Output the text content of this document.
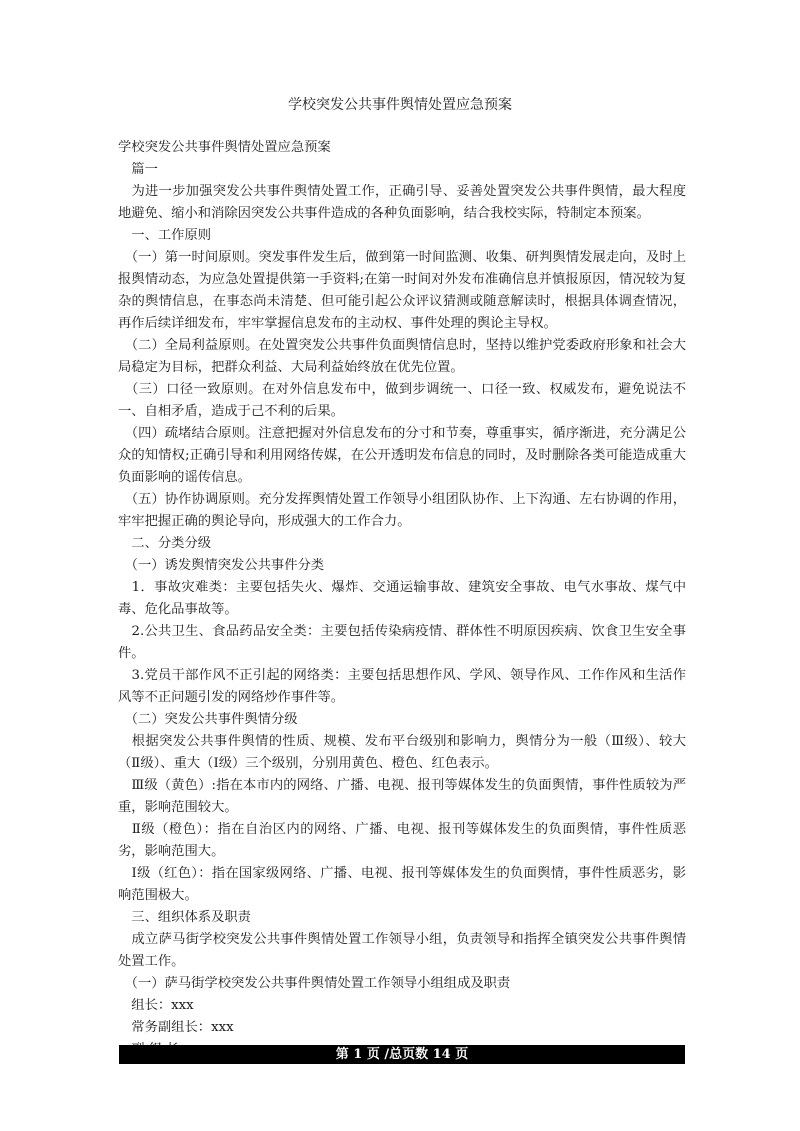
学校突发公共事件舆情处置应急预案

学校突发公共事件舆情处置应急预案

　篇一

　为进一步加强突发公共事件舆情处置工作，正确引导、妥善处置突发公共事件舆情，最大程度地避免、缩小和消除因突发公共事件造成的各种负面影响，结合我校实际，特制定本预案。

　一、工作原则

　（一）第一时间原则。突发事件发生后，做到第一时间监测、收集、研判舆情发展走向，及时上报舆情动态，为应急处置提供第一手资料;在第一时间对外发布准确信息并慎报原因，情况较为复杂的舆情信息，在事态尚未清楚、但可能引起公众评议猜测或随意解读时，根据具体调查情况，再作后续详细发布，牢牢掌握信息发布的主动权、事件处理的舆论主导权。

　（二）全局利益原则。在处置突发公共事件负面舆情信息时，坚持以维护党委政府形象和社会大局稳定为目标，把群众利益、大局利益始终放在优先位置。

　（三）口径一致原则。在对外信息发布中，做到步调统一、口径一致、权威发布，避免说法不一、自相矛盾，造成于己不利的后果。

　（四）疏堵结合原则。注意把握对外信息发布的分寸和节奏，尊重事实，循序渐进，充分满足公众的知情权;正确引导和利用网络传媒，在公开透明发布信息的同时，及时删除各类可能造成重大负面影响的谣传信息。

　（五）协作协调原则。充分发挥舆情处置工作领导小组团队协作、上下沟通、左右协调的作用，牢牢把握正确的舆论导向，形成强大的工作合力。

　二、分类分级

　（一）诱发舆情突发公共事件分类

　1．事故灾难类：主要包括失火、爆炸、交通运输事故、建筑安全事故、电气水事故、煤气中毒、危化品事故等。

　2.公共卫生、食品药品安全类：主要包括传染病疫情、群体性不明原因疾病、饮食卫生安全事件。

　3.党员干部作风不正引起的网络类：主要包括思想作风、学风、领导作风、工作作风和生活作风等不正问题引发的网络炒作事件等。

　（二）突发公共事件舆情分级

　根据突发公共事件舆情的性质、规模、发布平台级别和影响力，舆情分为一般（Ⅲ级）、较大（Ⅱ级）、重大（Ⅰ级）三个级别，分别用黄色、橙色、红色表示。

　Ⅲ级（黄色）:指在本市内的网络、广播、电视、报刊等媒体发生的负面舆情，事件性质较为严重，影响范围较大。

　Ⅱ级（橙色）：指在自治区内的网络、广播、电视、报刊等媒体发生的负面舆情，事件性质恶劣，影响范围大。

　Ⅰ级（红色）：指在国家级网络、广播、电视、报刊等媒体发生的负面舆情，事件性质恶劣，影响范围极大。

　三、组织体系及职责

　成立萨马街学校突发公共事件舆情处置工作领导小组，负责领导和指挥全镇突发公共事件舆情处置工作。

　（一）萨马街学校突发公共事件舆情处置工作领导小组组成及职责

　组长：xxx

　常务副组长：xxx

第 1 页 /总页数 14 页
